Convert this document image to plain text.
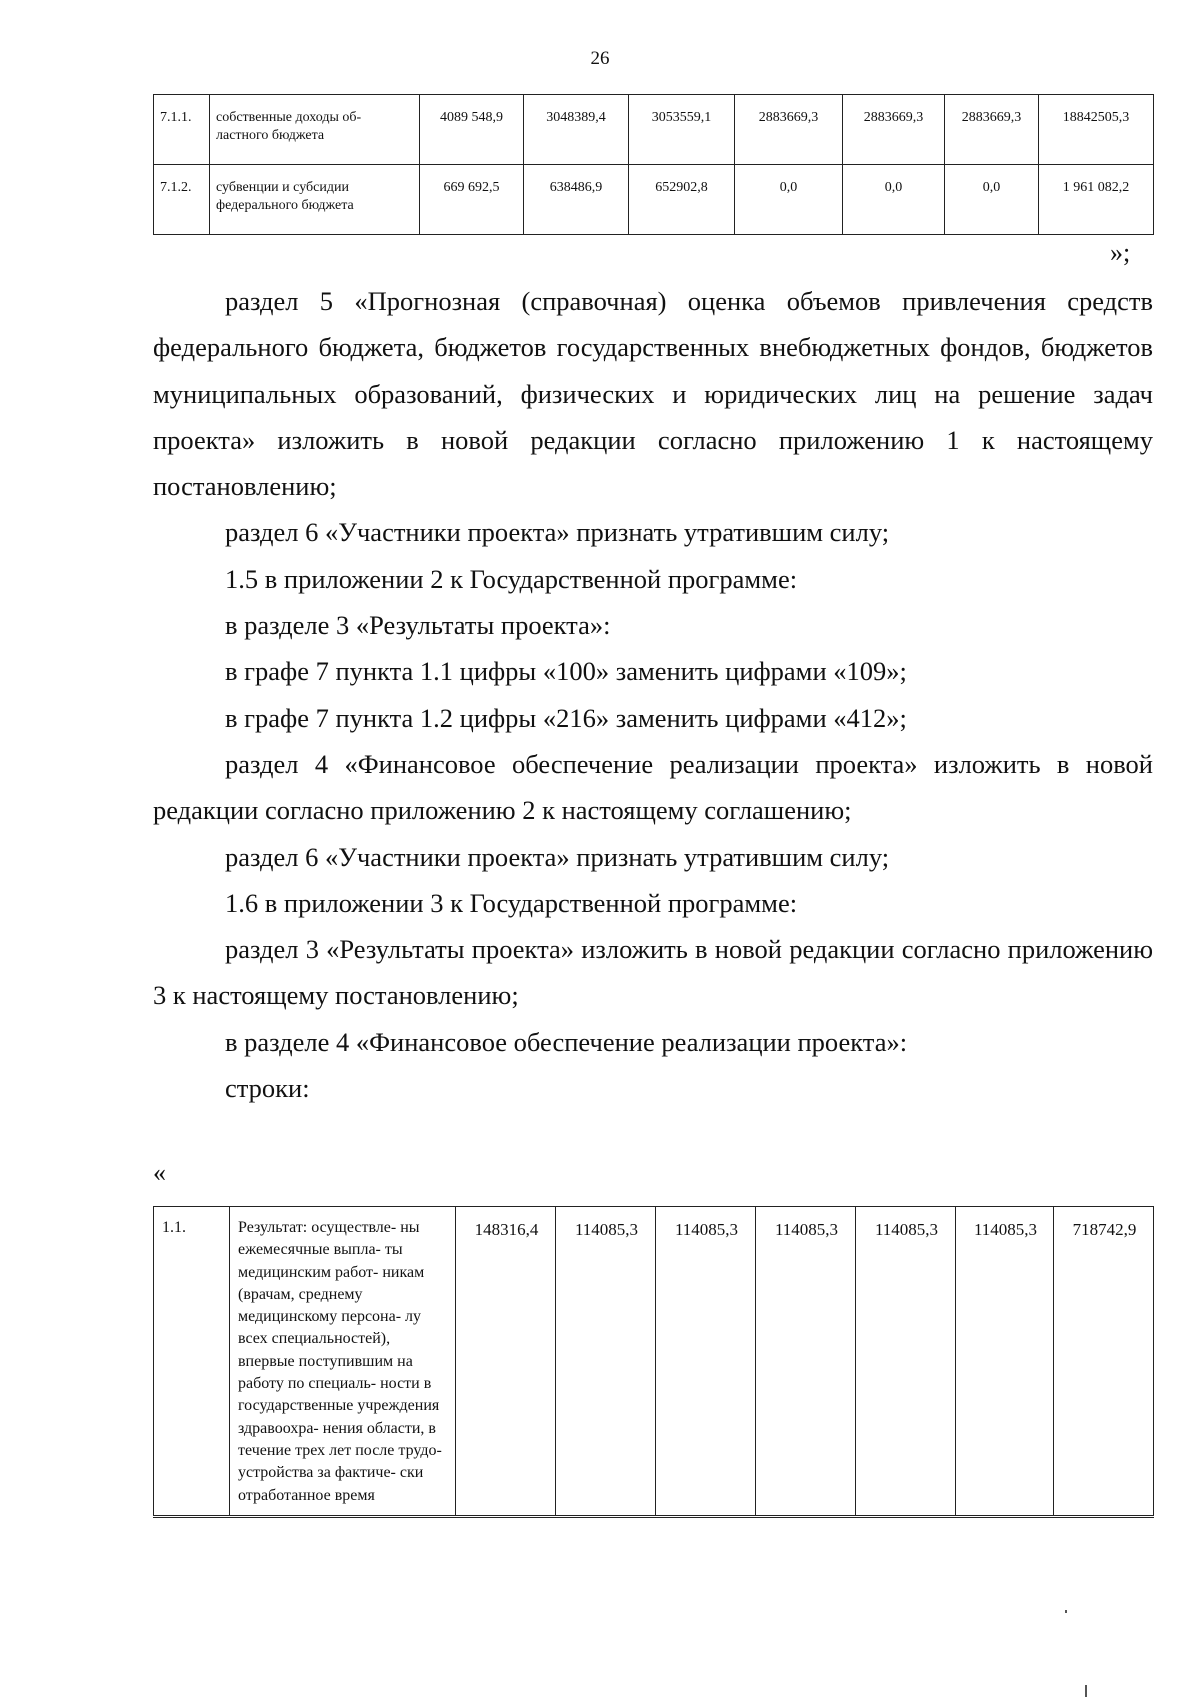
26
7.1.1.	собственные доходы об- ластного бюджета	4089 548,9	3048389,4	3053559,1	2883669,3	2883669,3	2883669,3	18842505,3
7.1.2.	субвенции и субсидии федерального бюджета	669 692,5	638486,9	652902,8	0,0	0,0	0,0	1 961 082,2
»;

раздел 5 «Прогнозная (справочная) оценка объемов привлечения средств федерального бюджета, бюджетов государственных внебюджетных фондов, бюджетов муниципальных образований, физических и юридических лиц на решение задач проекта» изложить в новой редакции согласно приложению 1 к настоящему постановлению;

раздел 6 «Участники проекта» признать утратившим силу;

1.5 в приложении 2 к Государственной программе:

в разделе 3 «Результаты проекта»:

в графе 7 пункта 1.1 цифры «100» заменить цифрами «109»;

в графе 7 пункта 1.2 цифры «216» заменить цифрами «412»;

раздел 4 «Финансовое обеспечение реализации проекта» изложить в новой редакции согласно приложению 2 к настоящему соглашению;

раздел 6 «Участники проекта» признать утратившим силу;

1.6 в приложении 3 к Государственной программе:

раздел 3 «Результаты проекта» изложить в новой редакции согласно приложению 3 к настоящему постановлению;

в разделе 4 «Финансовое обеспечение реализации проекта»:

строки:

«
1.1.	Результат: осуществле- ны ежемесячные выпла- ты медицинским работ- никам (врачам, среднему медицинскому персона- лу всех специальностей), впервые поступившим на работу по специаль- ности в государственные учреждения здравоохра- нения области, в течение трех лет после трудо- устройства за фактиче- ски отработанное время	148316,4	114085,3	114085,3	114085,3	114085,3	114085,3	718742,9
